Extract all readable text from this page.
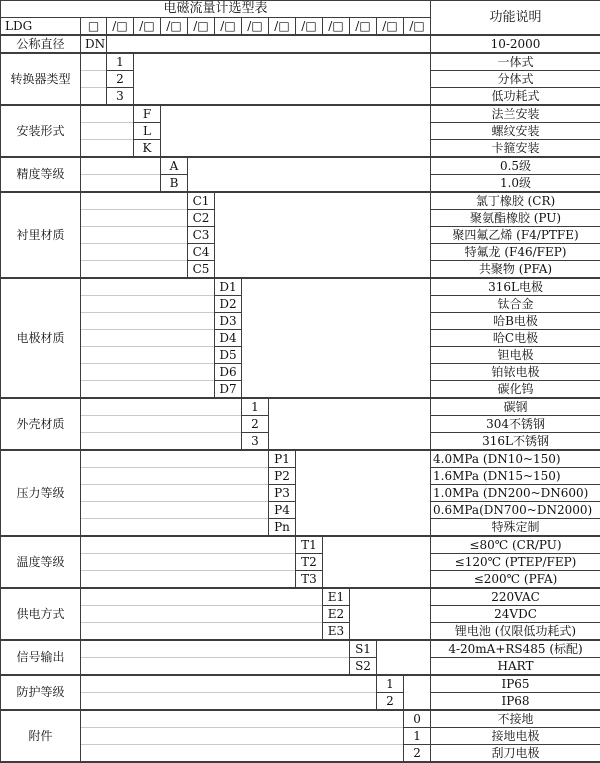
电磁流量计选型表														功能说明
LDG	□	/□	/□	/□	/□	/□	/□	/□	/□	/□	/□	/□	/□	
公称直径	DN													10-2000
转换器类型		1												一体式
		2												分体式
		3												低功耗式
安装形式			F											法兰安装
			L											螺纹安装
			K											卡箍安装
精度等级				A										0.5级
				B										1.0级
衬里材质					C1									氯丁橡胶 (CR)
					C2									聚氨酯橡胶 (PU)
					C3									聚四氟乙烯 (F4/PTFE)
					C4									特氟龙 (F46/FEP)
					C5									共聚物 (PFA)
电极材质						D1								316L电极
						D2								钛合金
						D3								哈B电极
						D4								哈C电极
						D5								钽电极
						D6								铂铱电极
						D7								碳化钨
外壳材质							1							碳钢
							2							304不锈钢
							3							316L不锈钢
压力等级								P1						4.0MPa (DN10~150)
								P2						1.6MPa (DN15~150)
								P3						1.0MPa (DN200~DN600)
								P4						0.6MPa(DN700~DN2000)
								Pn						特殊定制
温度等级									T1					≤80℃ (CR/PU)
									T2					≤120℃ (PTEP/FEP)
									T3					≤200℃ (PFA)
供电方式										E1				220VAC
										E2				24VDC
										E3				锂电池 (仅限低功耗式)
信号输出											S1			4-20mA+RS485 (标配)
											S2			HART
防护等级												1		IP65
												2		IP68
附件													0	不接地
													1	接地电极
													2	刮刀电极
